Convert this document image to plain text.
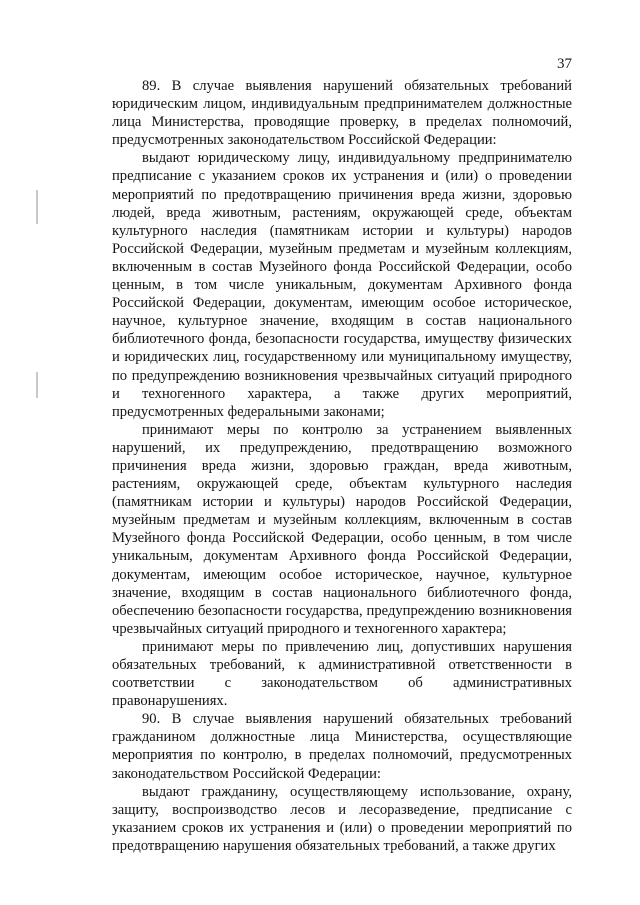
37

89. В случае выявления нарушений обязательных требований юридическим лицом, индивидуальным предпринимателем должностные лица Министерства, проводящие проверку, в пределах полномочий, предусмотренных законодательством Российской Федерации:

выдают юридическому лицу, индивидуальному предпринимателю предписание с указанием сроков их устранения и (или) о проведении мероприятий по предотвращению причинения вреда жизни, здоровью людей, вреда животным, растениям, окружающей среде, объектам культурного наследия (памятникам истории и культуры) народов Российской Федерации, музейным предметам и музейным коллекциям, включенным в состав Музейного фонда Российской Федерации, особо ценным, в том числе уникальным, документам Архивного фонда Российской Федерации, документам, имеющим особое историческое, научное, культурное значение, входящим в состав национального библиотечного фонда, безопасности государства, имуществу физических и юридических лиц, государственному или муниципальному имуществу, по предупреждению возникновения чрезвычайных ситуаций природного и техногенного характера, а также других мероприятий, предусмотренных федеральными законами;

принимают меры по контролю за устранением выявленных нарушений, их предупреждению, предотвращению возможного причинения вреда жизни, здоровью граждан, вреда животным, растениям, окружающей среде, объектам культурного наследия (памятникам истории и культуры) народов Российской Федерации, музейным предметам и музейным коллекциям, включенным в состав Музейного фонда Российской Федерации, особо ценным, в том числе уникальным, документам Архивного фонда Российской Федерации, документам, имеющим особое историческое, научное, культурное значение, входящим в состав национального библиотечного фонда, обеспечению безопасности государства, предупреждению возникновения чрезвычайных ситуаций природного и техногенного характера;

принимают меры по привлечению лиц, допустивших нарушения обязательных требований, к административной ответственности в соответствии с законодательством об административных правонарушениях.

90. В случае выявления нарушений обязательных требований гражданином должностные лица Министерства, осуществляющие мероприятия по контролю, в пределах полномочий, предусмотренных законодательством Российской Федерации:

выдают гражданину, осуществляющему использование, охрану, защиту, воспроизводство лесов и лесоразведение, предписание с указанием сроков их устранения и (или) о проведении мероприятий по предотвращению нарушения обязательных требований, а также других
